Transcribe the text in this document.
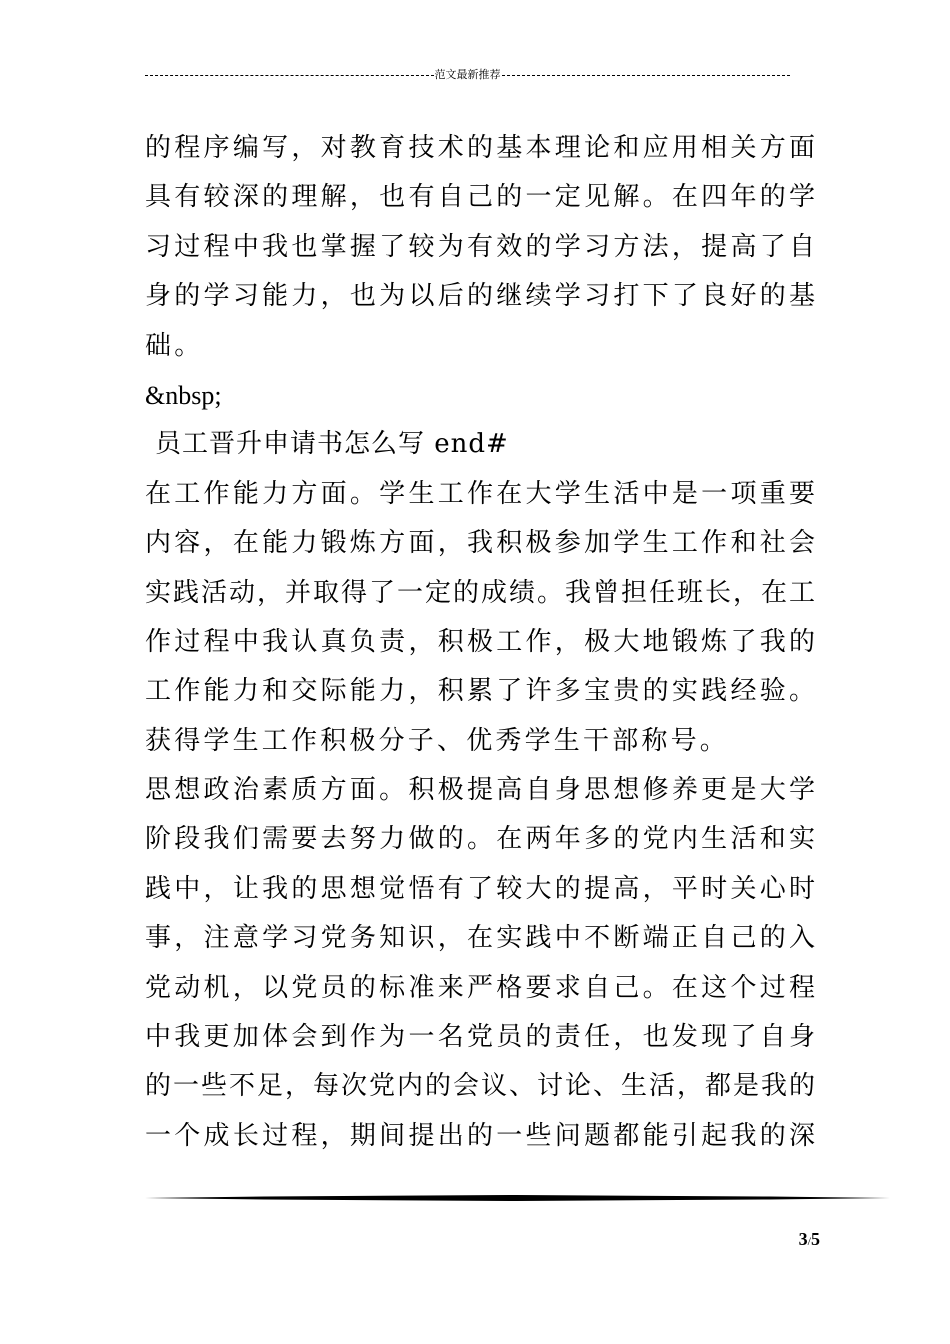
范文最新推荐
的程序编写，对教育技术的基本理论和应用相关方面
具有较深的理解，也有自己的一定见解。在四年的学
习过程中我也掌握了较为有效的学习方法，提高了自
身的学习能力，也为以后的继续学习打下了良好的基
础。
&nbsp;
员工晋升申请书怎么写 end#
在工作能力方面。学生工作在大学生活中是一项重要
内容，在能力锻炼方面，我积极参加学生工作和社会
实践活动，并取得了一定的成绩。我曾担任班长，在工
作过程中我认真负责，积极工作，极大地锻炼了我的
工作能力和交际能力，积累了许多宝贵的实践经验。
获得学生工作积极分子、优秀学生干部称号。
思想政治素质方面。积极提高自身思想修养更是大学
阶段我们需要去努力做的。在两年多的党内生活和实
践中，让我的思想觉悟有了较大的提高，平时关心时
事，注意学习党务知识，在实践中不断端正自己的入
党动机，以党员的标准来严格要求自己。在这个过程
中我更加体会到作为一名党员的责任，也发现了自身
的一些不足，每次党内的会议、讨论、生活，都是我的
一个成长过程，期间提出的一些问题都能引起我的深
3/5
